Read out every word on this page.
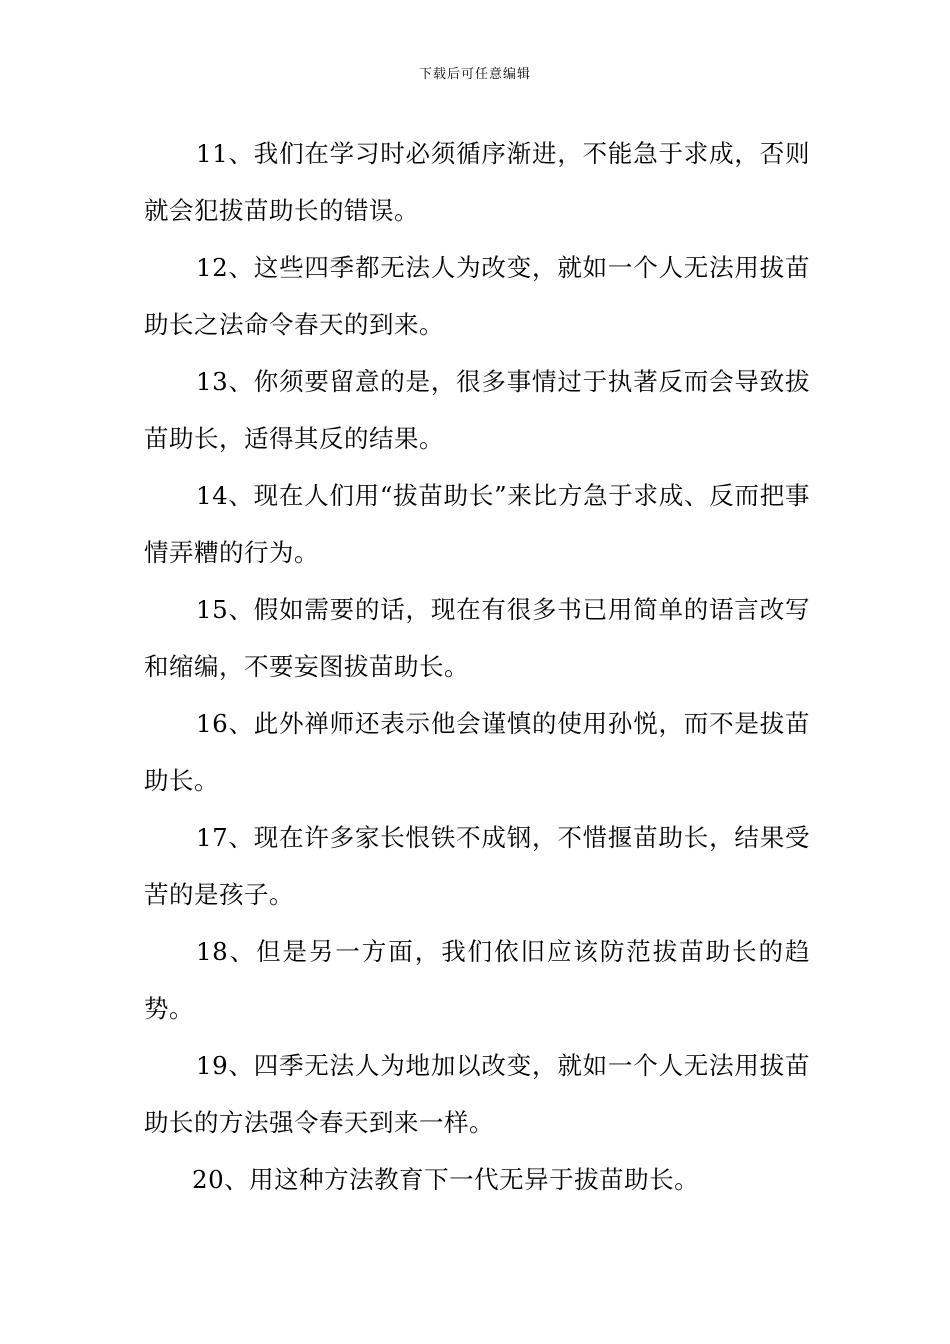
下载后可任意编辑

11、我们在学习时必须循序渐进，不能急于求成，否则就会犯拔苗助长的错误。

12、这些四季都无法人为改变，就如一个人无法用拔苗助长之法命令春天的到来。

13、你须要留意的是，很多事情过于执著反而会导致拔苗助长，适得其反的结果。

14、现在人们用“拔苗助长”来比方急于求成、反而把事情弄糟的行为。

15、假如需要的话，现在有很多书已用简单的语言改写和缩编，不要妄图拔苗助长。

16、此外禅师还表示他会谨慎的使用孙悦，而不是拔苗助长。

17、现在许多家长恨铁不成钢，不惜揠苗助长，结果受苦的是孩子。

18、但是另一方面，我们依旧应该防范拔苗助长的趋势。

19、四季无法人为地加以改变，就如一个人无法用拔苗助长的方法强令春天到来一样。

20、用这种方法教育下一代无异于拔苗助长。
